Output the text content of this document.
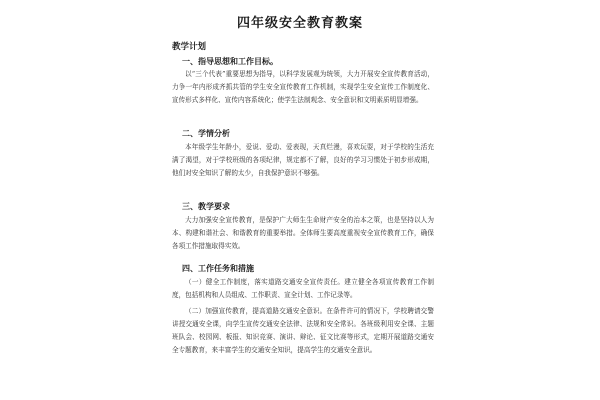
四年级安全教育教案
教学计划
一、指导思想和工作目标。
以“三个代表”重要思想为指导，以科学发展观为统领，大力开展安全宣传教育活动，力争一年内形成齐抓共管的学生安全宣传教育工作机制，实现学生安全宣传工作制度化、宣传形式多样化、宣传内容系统化；使学生法制观念、安全意识和文明素质明显增强。
二、学情分析
本年级学生年龄小，爱说、爱动、爱表现，天真烂漫，喜欢玩耍，对于学校的生活充满了渴望，对于学校班级的各项纪律，规定都不了解，良好的学习习惯处于初步形成期，他们对安全知识了解的太少，自我保护意识不够强。
三、教学要求
大力加强安全宣传教育，是保护广大师生生命财产安全的治本之策，也是坚持以人为本、构建和谐社会、和谐教育的重要举措。全体师生要高度重视安全宣传教育工作，确保各项工作措施取得实效。
四、工作任务和措施
（一）健全工作制度，落实道路交通安全宣传责任。建立健全各项宣传教育工作制度，包括机构和人员组成、工作职责、宣全计划、工作记录等。
（二）加强宣传教育，提高道路交通安全意识。在条件许可的情况下，学校聘请交警讲授交通安全课，向学生宣传交通安全法律、法规和安全常识。各班级利用安全课、主题班队会、校园网、板报、知识竞赛、演讲、辩论、征文比赛等形式，定期开展道路交通安全专题教育，来丰富学生的交通安全知识，提高学生的交通安全意识。
